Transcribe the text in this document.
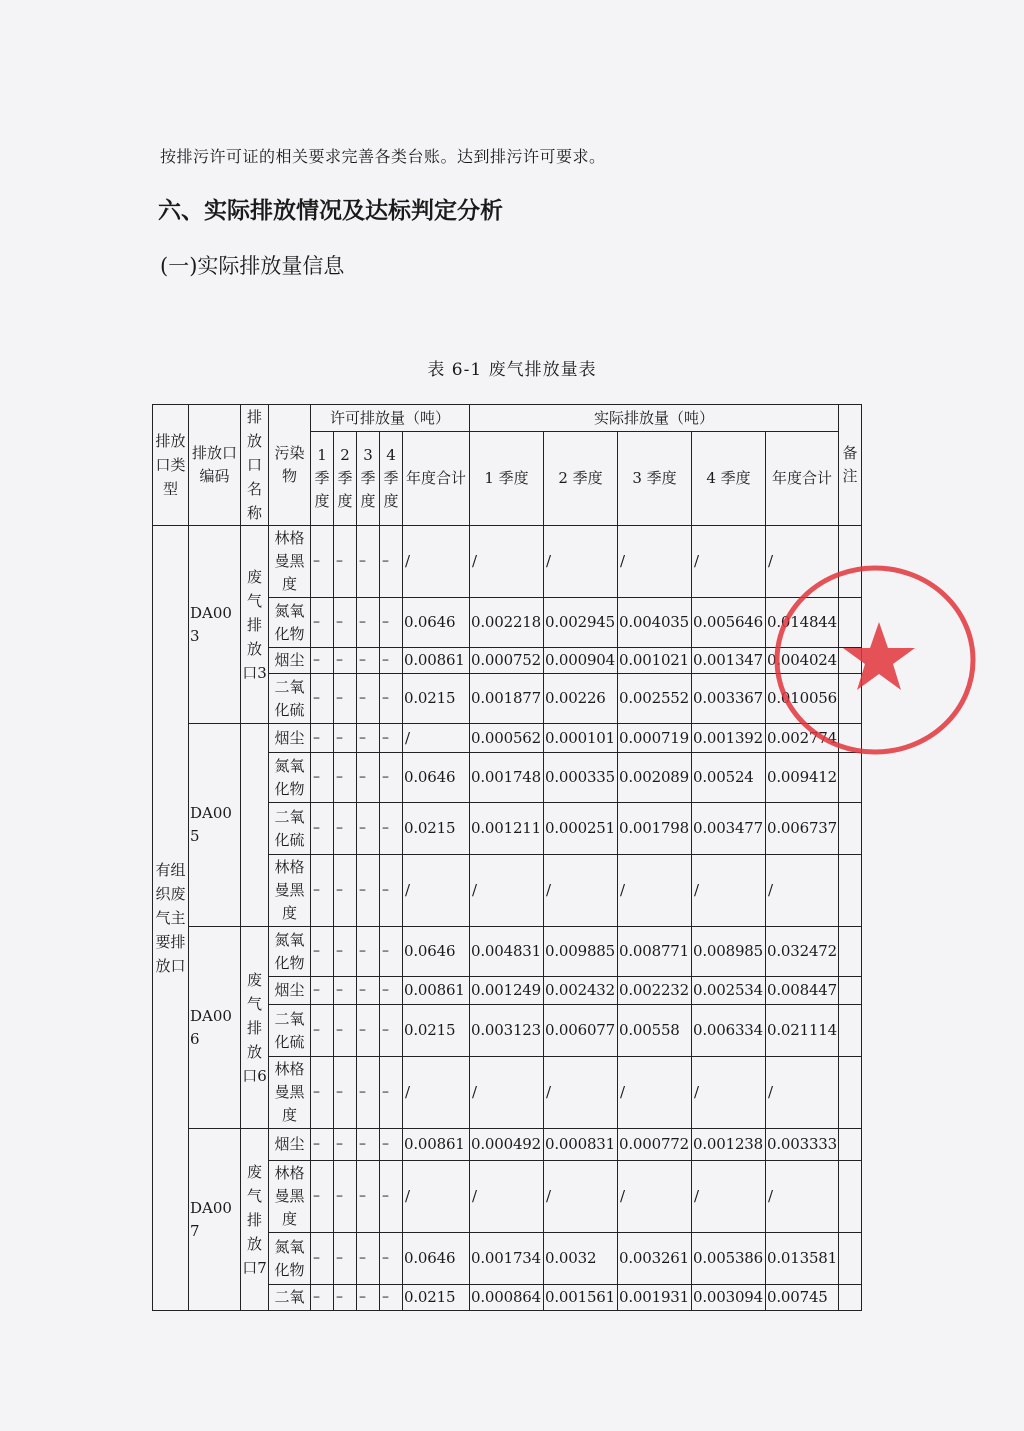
按排污许可证的相关要求完善各类台账。达到排污许可要求。
六、实际排放情况及达标判定分析
(一)实际排放量信息
表 6-1 废气排放量表
排放口类型	排放口编码	排放口名称	污染物	许可排放量（吨）					实际排放量（吨）					备注
				1季度	2季度	3季度	4季度	年度合计	1 季度	2 季度	3 季度	4 季度	年度合计	
有组织废气主要排放口	DA003	废气排放口3	林格曼黑度	–	–	–	–	/	/	/	/	/	/	
			氮氧化物	–	–	–	–	0.0646	0.002218	0.002945	0.004035	0.005646	0.014844	
			烟尘	–	–	–	–	0.00861	0.000752	0.000904	0.001021	0.001347	0.004024	
			二氧化硫	–	–	–	–	0.0215	0.001877	0.00226	0.002552	0.003367	0.010056	
	DA005		烟尘	–	–	–	–	/	0.000562	0.000101	0.000719	0.001392	0.002774	
			氮氧化物	–	–	–	–	0.0646	0.001748	0.000335	0.002089	0.00524	0.009412	
			二氧化硫	–	–	–	–	0.0215	0.001211	0.000251	0.001798	0.003477	0.006737	
			林格曼黑度	–	–	–	–	/	/	/	/	/	/	
	DA006	废气排放口6	氮氧化物	–	–	–	–	0.0646	0.004831	0.009885	0.008771	0.008985	0.032472	
			烟尘	–	–	–	–	0.00861	0.001249	0.002432	0.002232	0.002534	0.008447	
			二氧化硫	–	–	–	–	0.0215	0.003123	0.006077	0.00558	0.006334	0.021114	
			林格曼黑度	–	–	–	–	/	/	/	/	/	/	
	DA007	废气排放口7	烟尘	–	–	–	–	0.00861	0.000492	0.000831	0.000772	0.001238	0.003333	
			林格曼黑度	–	–	–	–	/	/	/	/	/	/	
			氮氧化物	–	–	–	–	0.0646	0.001734	0.0032	0.003261	0.005386	0.013581	
			二氧	–	–	–	–	0.0215	0.000864	0.001561	0.001931	0.003094	0.00745	
